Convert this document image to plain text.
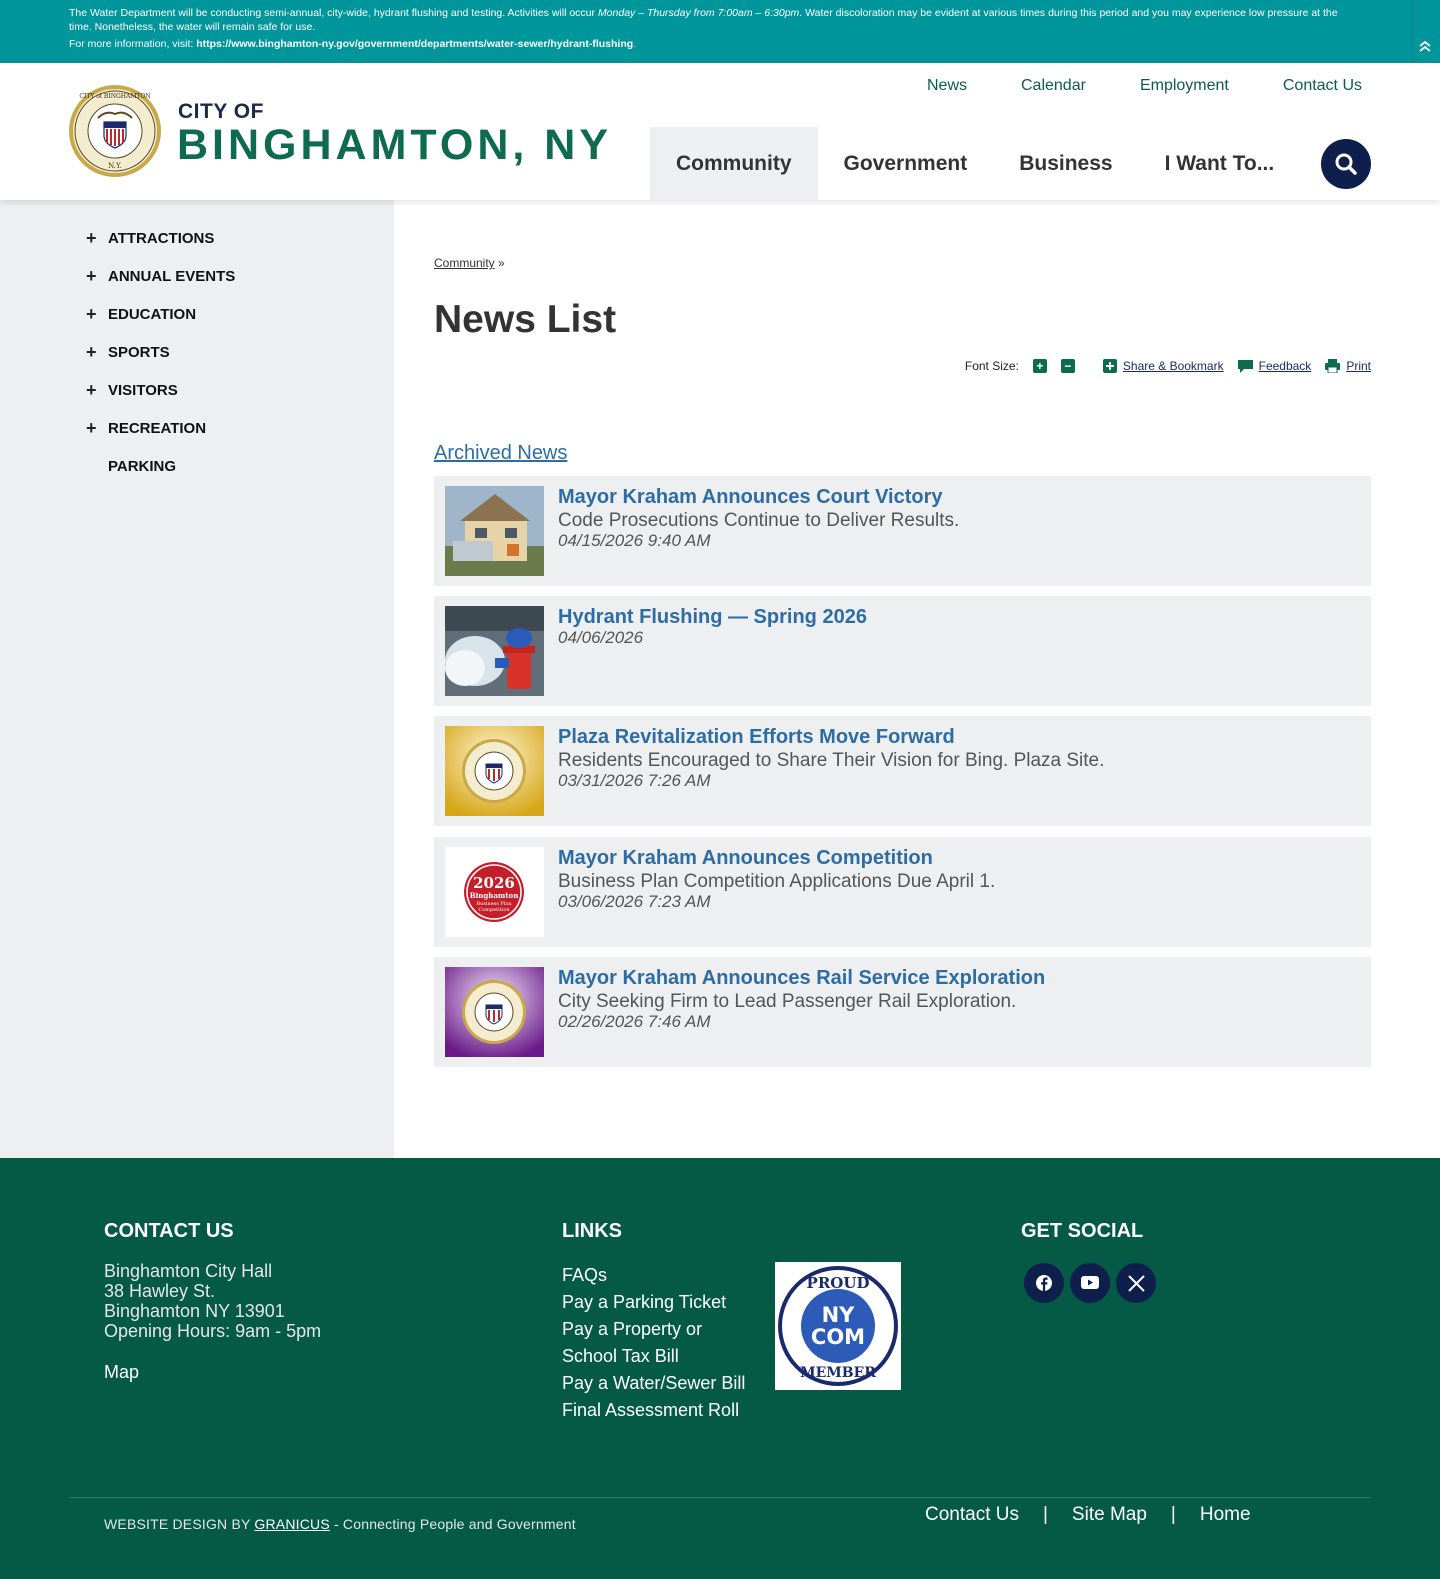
The Water Department will be conducting semi-annual, city-wide, hydrant flushing and testing. Activities will occur Monday – Thursday from 7:00am – 6:30pm. Water discoloration may be evident at various times during this period and you may experience low pressure at the time. Nonetheless, the water will remain safe for use.
For more information, visit: https://www.binghamton-ny.gov/government/departments/water-sewer/hydrant-flushing.
N.Y.
CITY of BINGHAMTON
CITY OF
BINGHAMTON, NY
News	Calendar	Employment	Contact Us
Community	Government	Business	I Want To...
+ ATTRACTIONS
+ ANNUAL EVENTS
+ EDUCATION
+ SPORTS
+ VISITORS
+ RECREATION
PARKING
Community »
News List
Font Size: + −	Share & Bookmark	Feedback	Print
Archived News
Mayor Kraham Announces Court Victory
Code Prosecutions Continue to Deliver Results.
04/15/2026 9:40 AM
Hydrant Flushing — Spring 2026
04/06/2026
Plaza Revitalization Efforts Move Forward
Residents Encouraged to Share Their Vision for Bing. Plaza Site.
03/31/2026 7:26 AM
2026
Binghamton
Business Plan
Competition
Mayor Kraham Announces Competition
Business Plan Competition Applications Due April 1.
03/06/2026 7:23 AM
Mayor Kraham Announces Rail Service Exploration
City Seeking Firm to Lead Passenger Rail Exploration.
02/26/2026 7:46 AM
CONTACT US
Binghamton City Hall
38 Hawley St.
Binghamton NY 13901
Opening Hours: 9am - 5pm
Map
LINKS
FAQs
Pay a Parking Ticket
Pay a Property or School Tax Bill
Pay a Water/Sewer Bill
Final Assessment Roll
PROUD
NY
COM
MEMBER
GET SOCIAL
WEBSITE DESIGN BY GRANICUS - Connecting People and Government	Contact Us | Site Map | Home
